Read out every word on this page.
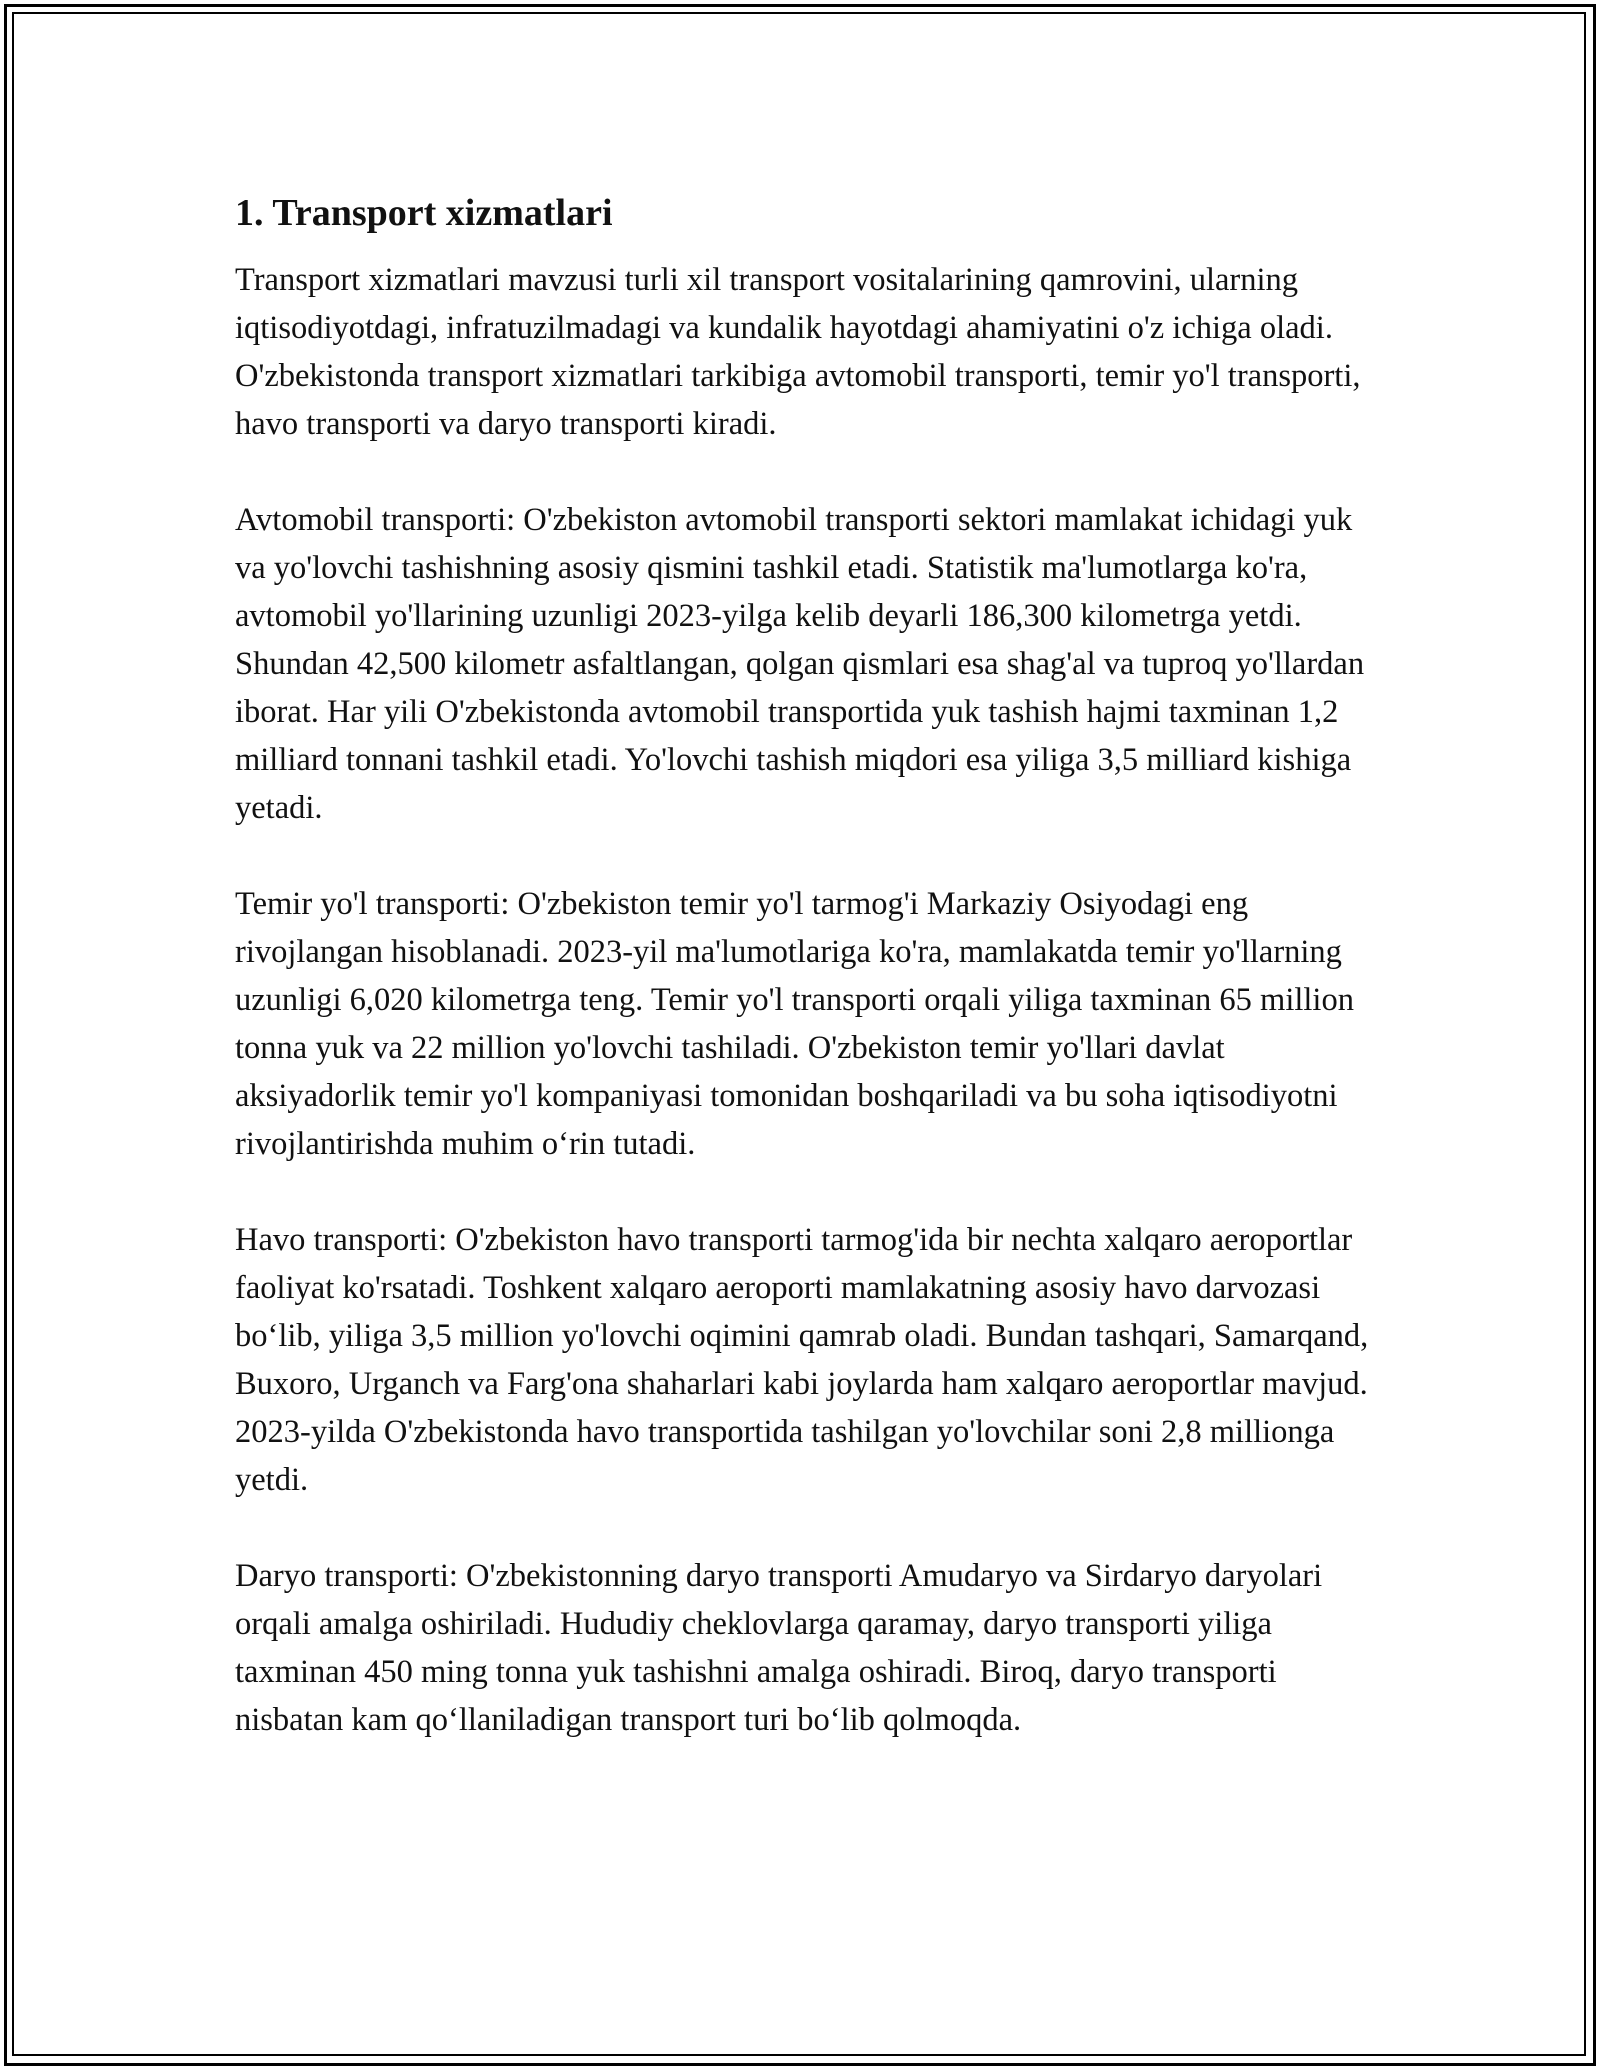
1. Transport xizmatlari

Transport xizmatlari mavzusi turli xil transport vositalarining qamrovini, ularning iqtisodiyotdagi, infratuzilmadagi va kundalik hayotdagi ahamiyatini o'z ichiga oladi. O'zbekistonda transport xizmatlari tarkibiga avtomobil transporti, temir yo'l transporti, havo transporti va daryo transporti kiradi.

Avtomobil transporti: O'zbekiston avtomobil transporti sektori mamlakat ichidagi yuk va yo'lovchi tashishning asosiy qismini tashkil etadi. Statistik ma'lumotlarga ko'ra, avtomobil yo'llarining uzunligi 2023-yilga kelib deyarli 186,300 kilometrga yetdi. Shundan 42,500 kilometr asfaltlangan, qolgan qismlari esa shag'al va tuproq yo'llardan iborat. Har yili O'zbekistonda avtomobil transportida yuk tashish hajmi taxminan 1,2 milliard tonnani tashkil etadi. Yo'lovchi tashish miqdori esa yiliga 3,5 milliard kishiga yetadi.

Temir yo'l transporti: O'zbekiston temir yo'l tarmog'i Markaziy Osiyodagi eng rivojlangan hisoblanadi. 2023-yil ma'lumotlariga ko'ra, mamlakatda temir yo'llarning uzunligi 6,020 kilometrga teng. Temir yo'l transporti orqali yiliga taxminan 65 million tonna yuk va 22 million yo'lovchi tashiladi. O'zbekiston temir yo'llari davlat aksiyadorlik temir yo'l kompaniyasi tomonidan boshqariladi va bu soha iqtisodiyotni rivojlantirishda muhim o‘rin tutadi.

Havo transporti: O'zbekiston havo transporti tarmog'ida bir nechta xalqaro aeroportlar faoliyat ko'rsatadi. Toshkent xalqaro aeroporti mamlakatning asosiy havo darvozasi bo‘lib, yiliga 3,5 million yo'lovchi oqimini qamrab oladi. Bundan tashqari, Samarqand, Buxoro, Urganch va Farg'ona shaharlari kabi joylarda ham xalqaro aeroportlar mavjud. 2023-yilda O'zbekistonda havo transportida tashilgan yo'lovchilar soni 2,8 millionga yetdi.

Daryo transporti: O'zbekistonning daryo transporti Amudaryo va Sirdaryo daryolari orqali amalga oshiriladi. Hududiy cheklovlarga qaramay, daryo transporti yiliga taxminan 450 ming tonna yuk tashishni amalga oshiradi. Biroq, daryo transporti nisbatan kam qo‘llaniladigan transport turi bo‘lib qolmoqda.
